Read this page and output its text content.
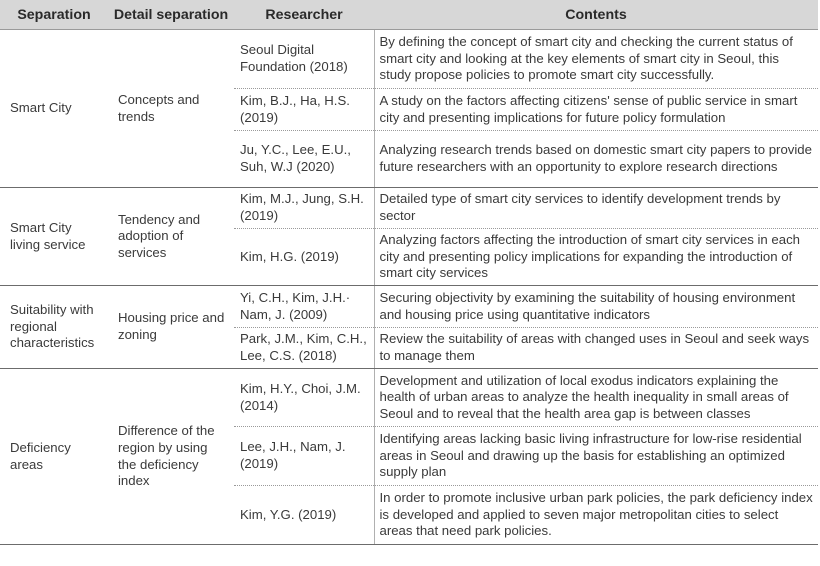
Separation	Detail separation	Researcher	Contents
Smart City	Concepts and trends	Seoul Digital Foundation (2018)	By defining the concept of smart city and checking the current status of smart city and looking at the key elements of smart city in Seoul, this study propose policies to promote smart city successfully.
		Kim, B.J., Ha, H.S. (2019)	A study on the factors affecting citizens' sense of public service in smart city and presenting implications for future policy formulation
		Ju, Y.C., Lee, E.U., Suh, W.J (2020)	Analyzing research trends based on domestic smart city papers to provide future researchers with an opportunity to explore research directions
Smart City living service	Tendency and adoption of services	Kim, M.J., Jung, S.H. (2019)	Detailed type of smart city services to identify development trends by sector
		Kim, H.G. (2019)	Analyzing factors affecting the introduction of smart city services in each city and presenting policy implications for expanding the introduction of smart city services
Suitability with regional characteristics	Housing price and zoning	Yi, C.H., Kim, J.H.· Nam, J. (2009)	Securing objectivity by examining the suitability of housing environment and housing price using quantitative indicators
		Park, J.M., Kim, C.H., Lee, C.S. (2018)	Review the suitability of areas with changed uses in Seoul and seek ways to manage them
Deficiency areas	Difference of the region by using the deficiency index	Kim, H.Y., Choi, J.M. (2014)	Development and utilization of local exodus indicators explaining the health of urban areas to analyze the health inequality in small areas of Seoul and to reveal that the health area gap is between classes
		Lee, J.H., Nam, J. (2019)	Identifying areas lacking basic living infrastructure for low-rise residential areas in Seoul and drawing up the basis for establishing an optimized supply plan
		Kim, Y.G. (2019)	In order to promote inclusive urban park policies, the park deficiency index is developed and applied to seven major metropolitan cities to select areas that need park policies.
